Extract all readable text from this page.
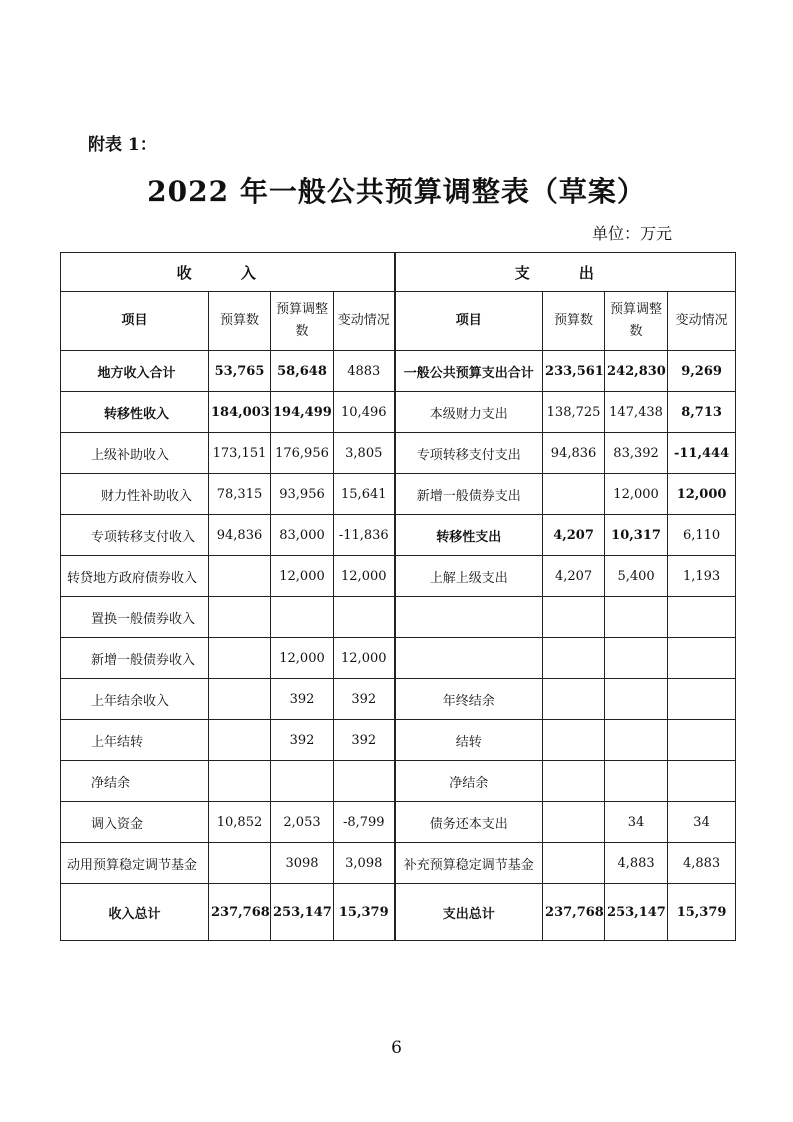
附表 1：
2022 年一般公共预算调整表（草案）
单位：万元
收 入				支 出			
项目	预算数	预算调整数	变动情况	项目	预算数	预算调整数	变动情况
地方收入合计	53,765	58,648	4883	一般公共预算支出合计	233,561	242,830	9,269
转移性收入	184,003	194,499	10,496	本级财力支出	138,725	147,438	8,713
上级补助收入	173,151	176,956	3,805	专项转移支付支出	94,836	83,392	-11,444
财力性补助收入	78,315	93,956	15,641	新增一般债券支出		12,000	12,000
专项转移支付收入	94,836	83,000	-11,836	转移性支出	4,207	10,317	6,110
转贷地方政府债券收入		12,000	12,000	上解上级支出	4,207	5,400	1,193
置换一般债券收入							
新增一般债券收入		12,000	12,000				
上年结余收入		392	392	年终结余			
上年结转		392	392	结转			
净结余				净结余			
调入资金	10,852	2,053	-8,799	债务还本支出		34	34
动用预算稳定调节基金		3098	3,098	补充预算稳定调节基金		4,883	4,883
收入总计	237,768	253,147	15,379	支出总计	237,768	253,147	15,379
6
